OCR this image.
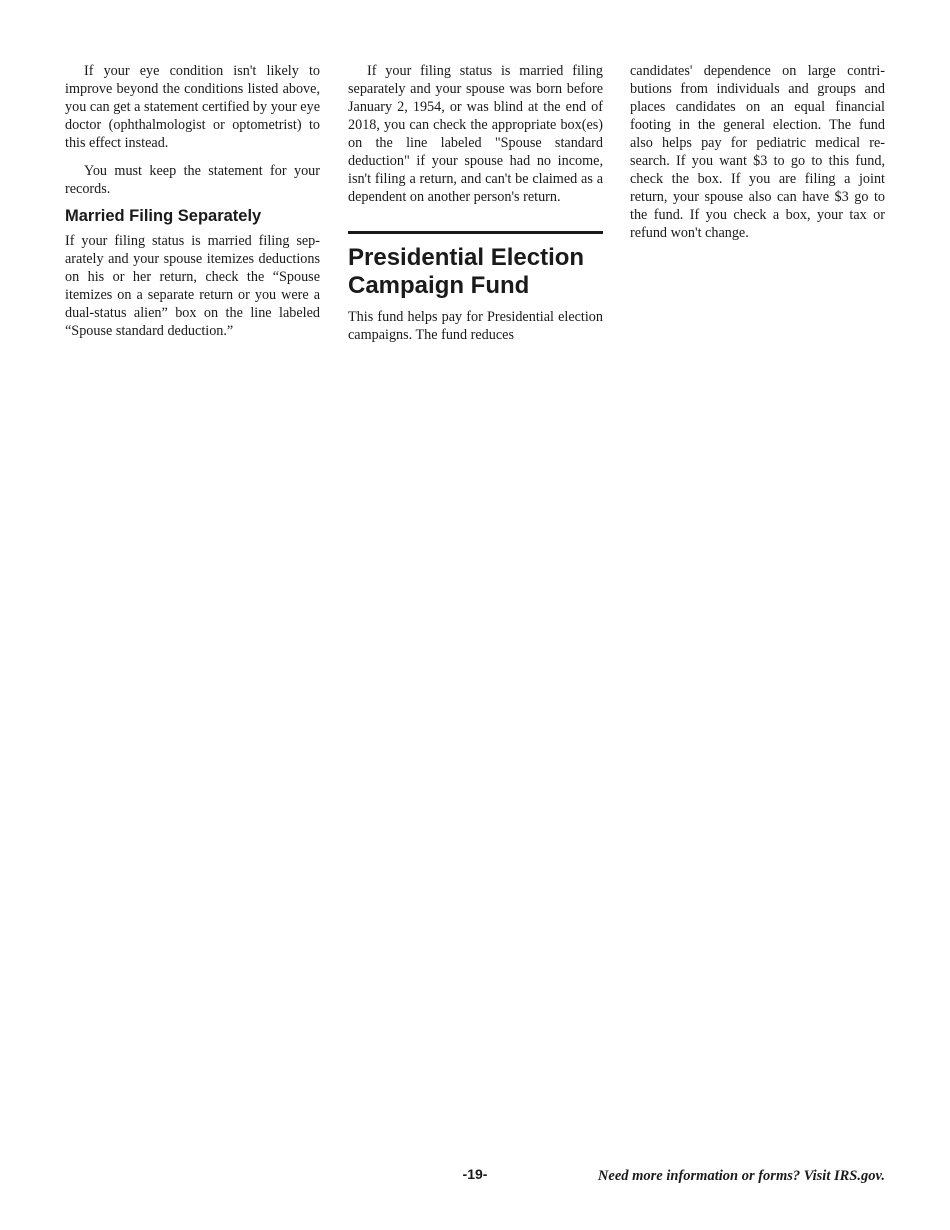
If your eye condition isn't likely to improve beyond the conditions listed above, you can get a statement certified by your eye doctor (ophthalmologist or optometrist) to this effect instead.

You must keep the statement for your records.

Married Filing Separately

If your filing status is married filing separately and your spouse itemizes deductions on his or her return, check the “Spouse itemizes on a separate return or you were a dual-status alien” box on the line labeled “Spouse standard deduction.”

If your filing status is married filing separately and your spouse was born before January 2, 1954, or was blind at the end of 2018, you can check the appropriate box(es) on the line labeled "Spouse standard deduction" if your spouse had no income, isn't filing a return, and can't be claimed as a dependent on another person's return.

Presidential Election Campaign Fund

This fund helps pay for Presidential election campaigns. The fund reduces

candidates' dependence on large contributions from individuals and groups and places candidates on an equal financial footing in the general election. The fund also helps pay for pediatric medical research. If you want $3 to go to this fund, check the box. If you are filing a joint return, your spouse also can have $3 go to the fund. If you check a box, your tax or refund won't change.

-19-	Need more information or forms? Visit IRS.gov.
